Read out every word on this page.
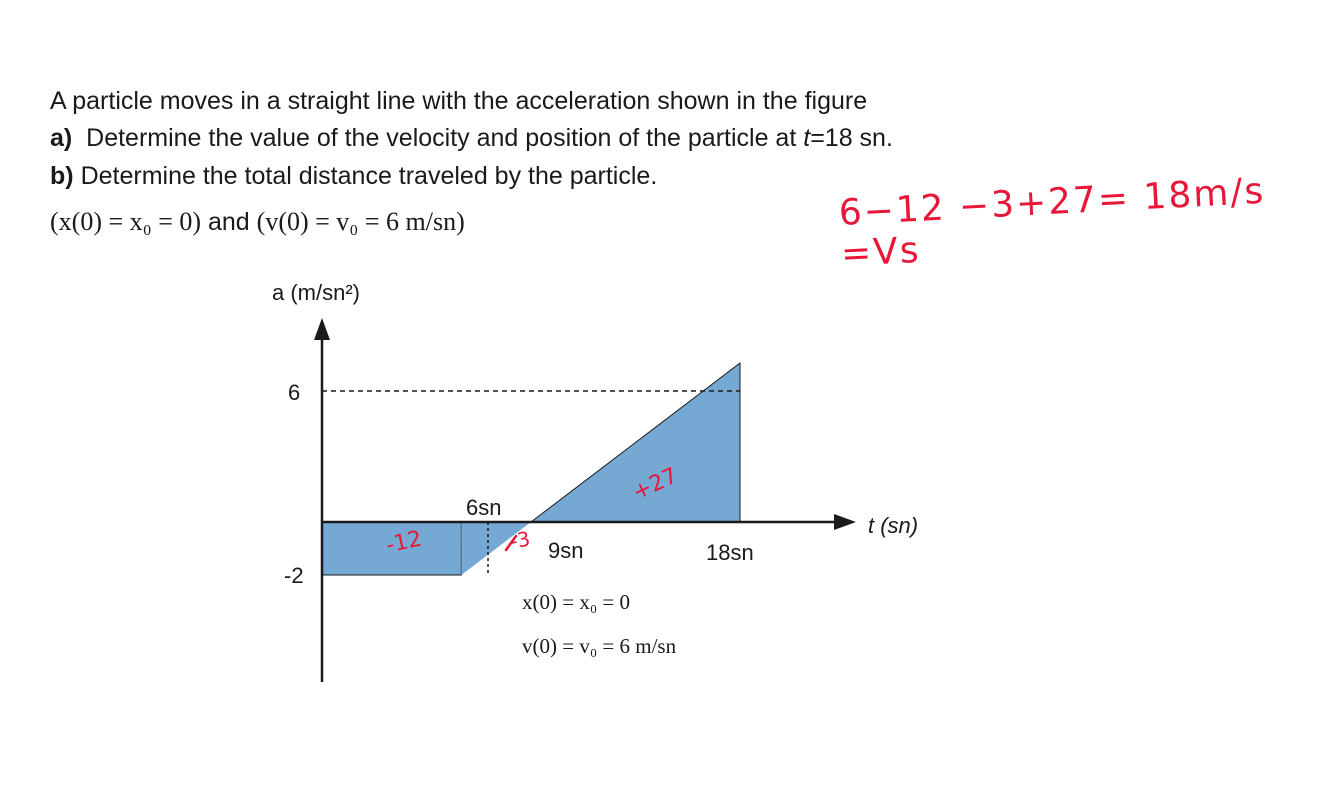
A particle moves in a straight line with the acceleration shown in the figure
a) Determine the value of the velocity and position of the particle at t=18 sn.
b) Determine the total distance traveled by the particle.
(x(0) = x₀ = 0) and (v(0) = v₀ = 6 m/sn)	6−12 −3+27= 18m/s =Vs
a (m/sn²)
t (sn)
6
-2
6sn
9sn	18sn
x(0) = x₀ = 0
v(0) = v₀ = 6 m/sn
-12	-3
+27
